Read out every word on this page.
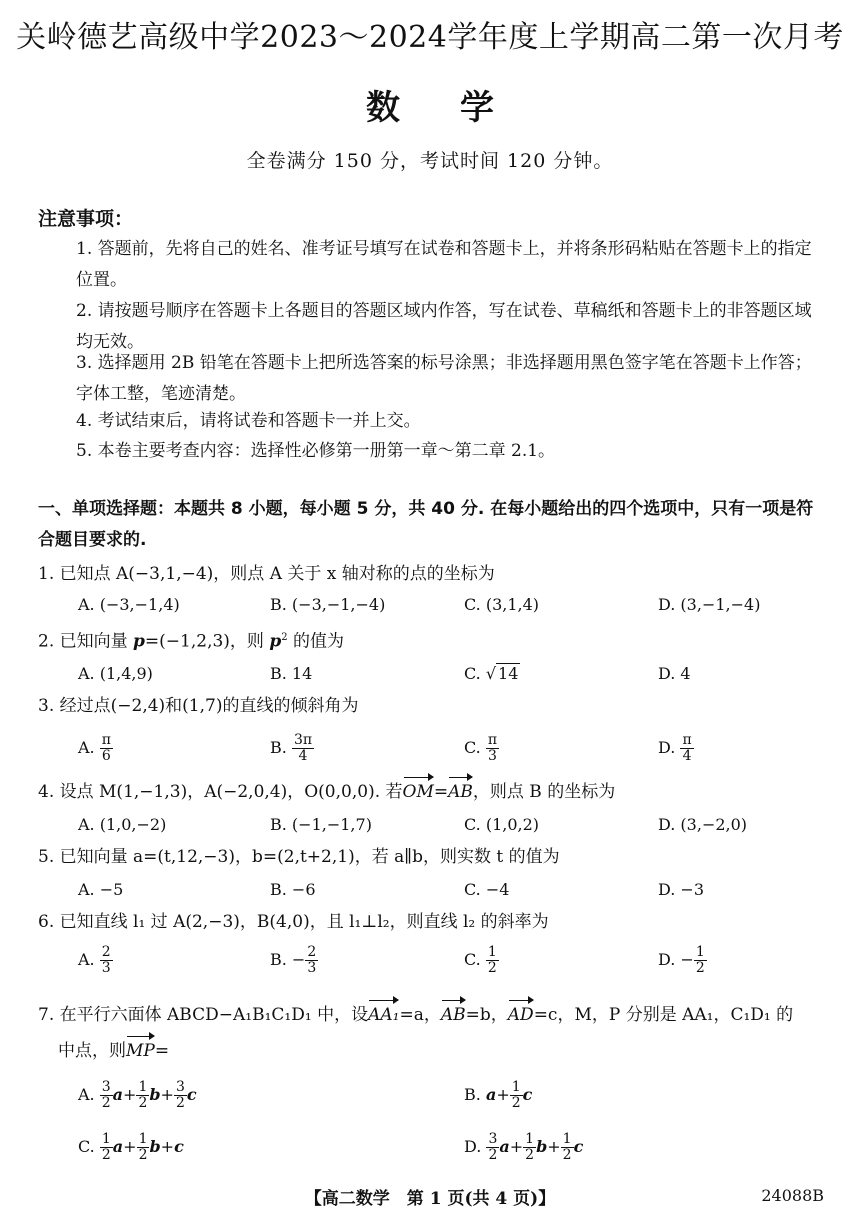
关岭德艺高级中学2023～2024学年度上学期高二第一次月考
数学
全卷满分 150 分，考试时间 120 分钟。
注意事项：
1. 答题前，先将自己的姓名、准考证号填写在试卷和答题卡上，并将条形码粘贴在答题卡上的指定位置。
2. 请按题号顺序在答题卡上各题目的答题区域内作答，写在试卷、草稿纸和答题卡上的非答题区域均无效。
3. 选择题用 2B 铅笔在答题卡上把所选答案的标号涂黑；非选择题用黑色签字笔在答题卡上作答；字体工整，笔迹清楚。
4. 考试结束后，请将试卷和答题卡一并上交。
5. 本卷主要考查内容：选择性必修第一册第一章～第二章 2.1。
一、单项选择题：本题共 8 小题，每小题 5 分，共 40 分. 在每小题给出的四个选项中，只有一项是符合题目要求的.
1. 已知点 A(−3,1,−4)，则点 A 关于 x 轴对称的点的坐标为
A. (−3,−1,4)	B. (−3,−1,−4)	C. (3,1,4)	D. (3,−1,−4)
2. 已知向量 p=(−1,2,3)，则 $p^2$ 的值为
A. (1,4,9)	B. 14	C. √ 14	D. 4
3. 经过点(−2,4)和(1,7)的直线的倾斜角为
A. $\frac{\pi}{6}$	B. $\frac{3\pi}{4}$	C. $\frac{\pi}{3}$	D. $\frac{\pi}{4}$
4. 设点 M(1,−1,3)，A(−2,0,4)，O(0,0,0). 若OM=AB，则点 B 的坐标为
A. (1,0,−2)	B. (−1,−1,7)	C. (1,0,2)	D. (3,−2,0)
5. 已知向量 a=(t,12,−3)，b=(2,t+2,1)，若 a∥b，则实数 t 的值为
A. −5	B. −6	C. −4	D. −3
6. 已知直线 l₁ 过 A(2,−3)，B(4,0)，且 l₁⊥l₂，则直线 l₂ 的斜率为
A. $\frac{2}{3}$	B. − $\frac{2}{3}$	C. $\frac{1}{2}$	D. − $\frac{1}{2}$
7. 在平行六面体 ABCD−A₁B₁C₁D₁ 中，设AA₁=a，AB=b，AD=c，M，P 分别是 AA₁，C₁D₁ 的
中点，则MP=
A. $\frac{3}{2} a+ \frac{1}{2} b+ \frac{3}{2}$ c	B. $a+ \frac{1}{2}$ c
C. $\frac{1}{2} a+ \frac{1}{2} b+c$	D. $\frac{3}{2} a+ \frac{1}{2} b+ \frac{1}{2}$ c
【高二数学　第 1 页(共 4 页)】	24088B
